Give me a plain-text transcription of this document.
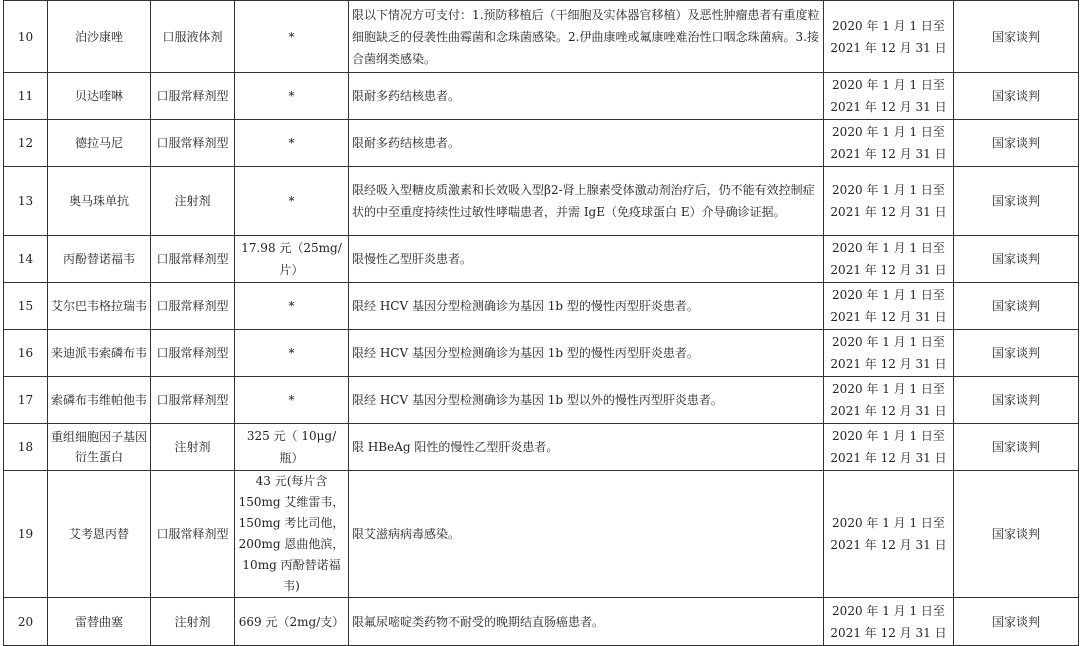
10	泊沙康唑	口服液体剂	*	限以下情况方可支付：1.预防移植后（干细胞及实体器官移植）及恶性肿瘤患者有重度粒细胞缺乏的侵袭性曲霉菌和念珠菌感染。2.伊曲康唑或氟康唑难治性口咽念珠菌病。3.接合菌纲类感染。	2020 年 1 月 1 日至
2021 年 12 月 31 日	国家谈判
11	贝达喹啉	口服常释剂型	*	限耐多药结核患者。	2020 年 1 月 1 日至
2021 年 12 月 31 日	国家谈判
12	德拉马尼	口服常释剂型	*	限耐多药结核患者。	2020 年 1 月 1 日至
2021 年 12 月 31 日	国家谈判
13	奥马珠单抗	注射剂	*	限经吸入型糖皮质激素和长效吸入型β2-肾上腺素受体激动剂治疗后，仍不能有效控制症状的中至重度持续性过敏性哮喘患者，并需 IgE（免疫球蛋白 E）介导确诊证据。	2020 年 1 月 1 日至
2021 年 12 月 31 日	国家谈判
14	丙酚替诺福韦	口服常释剂型	17.98 元（25mg/片）	限慢性乙型肝炎患者。	2020 年 1 月 1 日至
2021 年 12 月 31 日	国家谈判
15	艾尔巴韦格拉瑞韦	口服常释剂型	*	限经 HCV 基因分型检测确诊为基因 1b 型的慢性丙型肝炎患者。	2020 年 1 月 1 日至
2021 年 12 月 31 日	国家谈判
16	来迪派韦索磷布韦	口服常释剂型	*	限经 HCV 基因分型检测确诊为基因 1b 型的慢性丙型肝炎患者。	2020 年 1 月 1 日至
2021 年 12 月 31 日	国家谈判
17	索磷布韦维帕他韦	口服常释剂型	*	限经 HCV 基因分型检测确诊为基因 1b 型以外的慢性丙型肝炎患者。	2020 年 1 月 1 日至
2021 年 12 月 31 日	国家谈判
18	重组细胞因子基因衍生蛋白	注射剂	325 元（ 10μg/瓶）	限 HBeAg 阳性的慢性乙型肝炎患者。	2020 年 1 月 1 日至
2021 年 12 月 31 日	国家谈判
19	艾考恩丙替	口服常释剂型	43 元(每片含 150mg 艾维雷韦，150mg 考比司他，200mg 恩曲他滨，10mg 丙酚替诺福韦)	限艾滋病病毒感染。	2020 年 1 月 1 日至
2021 年 12 月 31 日	国家谈判
20	雷替曲塞	注射剂	669 元（2mg/支）	限氟尿嘧啶类药物不耐受的晚期结直肠癌患者。	2020 年 1 月 1 日至
2021 年 12 月 31 日	国家谈判
